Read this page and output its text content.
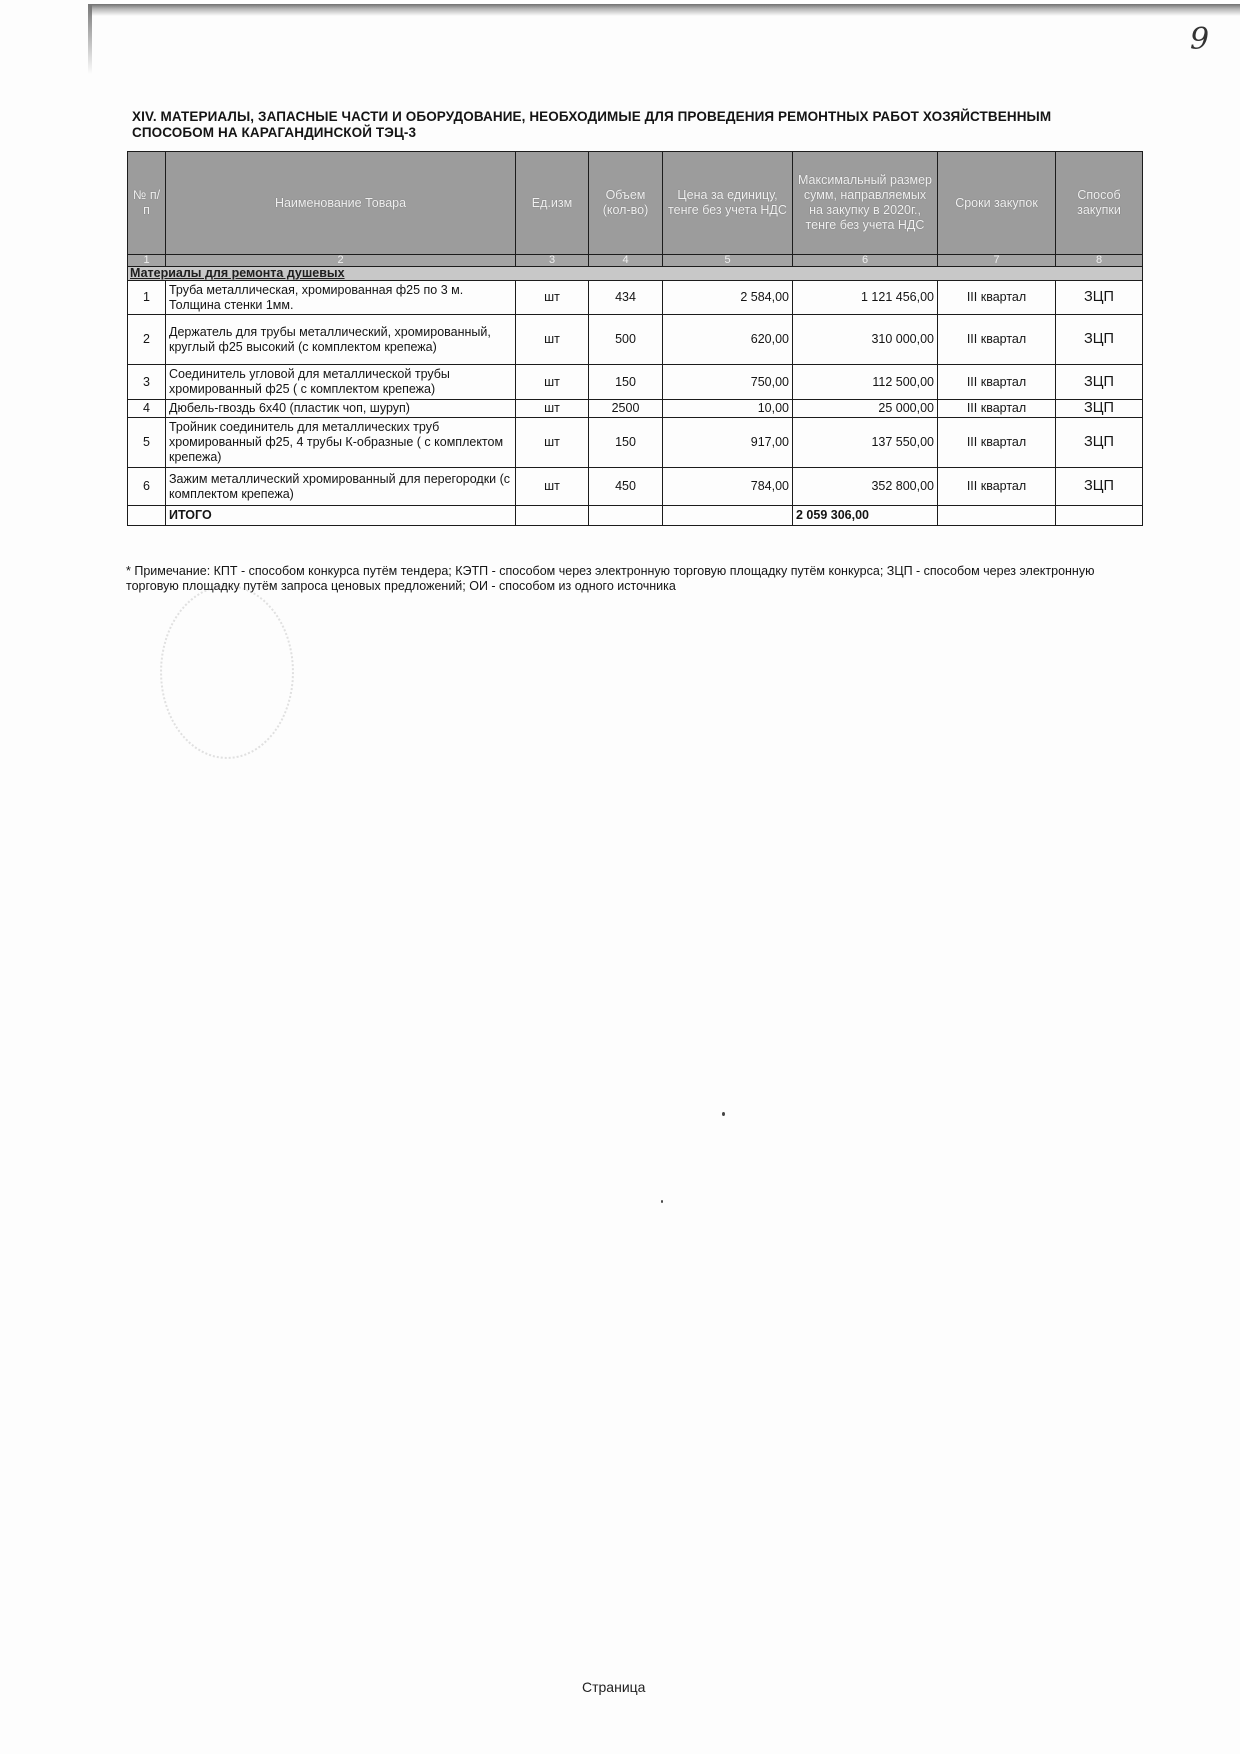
9
XIV. МАТЕРИАЛЫ, ЗАПАСНЫЕ ЧАСТИ И ОБОРУДОВАНИЕ, НЕОБХОДИМЫЕ ДЛЯ ПРОВЕДЕНИЯ РЕМОНТНЫХ РАБОТ ХОЗЯЙСТВЕННЫМ
СПОСОБОМ НА КАРАГАНДИНСКОЙ ТЭЦ-3
№ п/п	Наименование Товара	Ед.изм	Объем (кол-во)	Цена за единицу, тенге без учета НДС	Максимальный размер сумм, направляемых на закупку в 2020г., тенге без учета НДС	Сроки закупок	Способ закупки
1	2	3	4	5	6	7	8
Материалы для ремонта душевых							
1	Труба металлическая, хромированная ф25 по 3 м. Толщина стенки 1мм.	шт	434	2 584,00	1 121 456,00	III квартал	ЗЦП
2	Держатель для трубы металлический, хромированный, круглый ф25 высокий (с комплектом крепежа)	шт	500	620,00	310 000,00	III квартал	ЗЦП
3	Соединитель угловой для металлической трубы хромированный ф25 ( с комплектом крепежа)	шт	150	750,00	112 500,00	III квартал	ЗЦП
4	Дюбель-гвоздь 6х40 (пластик чоп, шуруп)	шт	2500	10,00	25 000,00	III квартал	ЗЦП
5	Тройник соединитель для металлических труб хромированный ф25, 4 трубы К-образные ( с комплектом крепежа)	шт	150	917,00	137 550,00	III квартал	ЗЦП
6	Зажим металлический хромированный для перегородки (с комплектом крепежа)	шт	450	784,00	352 800,00	III квартал	ЗЦП
	ИТОГО				2 059 306,00		
* Примечание: КПТ - способом конкурса путём тендера; КЭТП - способом через электронную торговую площадку путём конкурса; ЗЦП - способом через электронную торговую площадку путём запроса ценовых предложений; ОИ - способом из одного источника
Страница
